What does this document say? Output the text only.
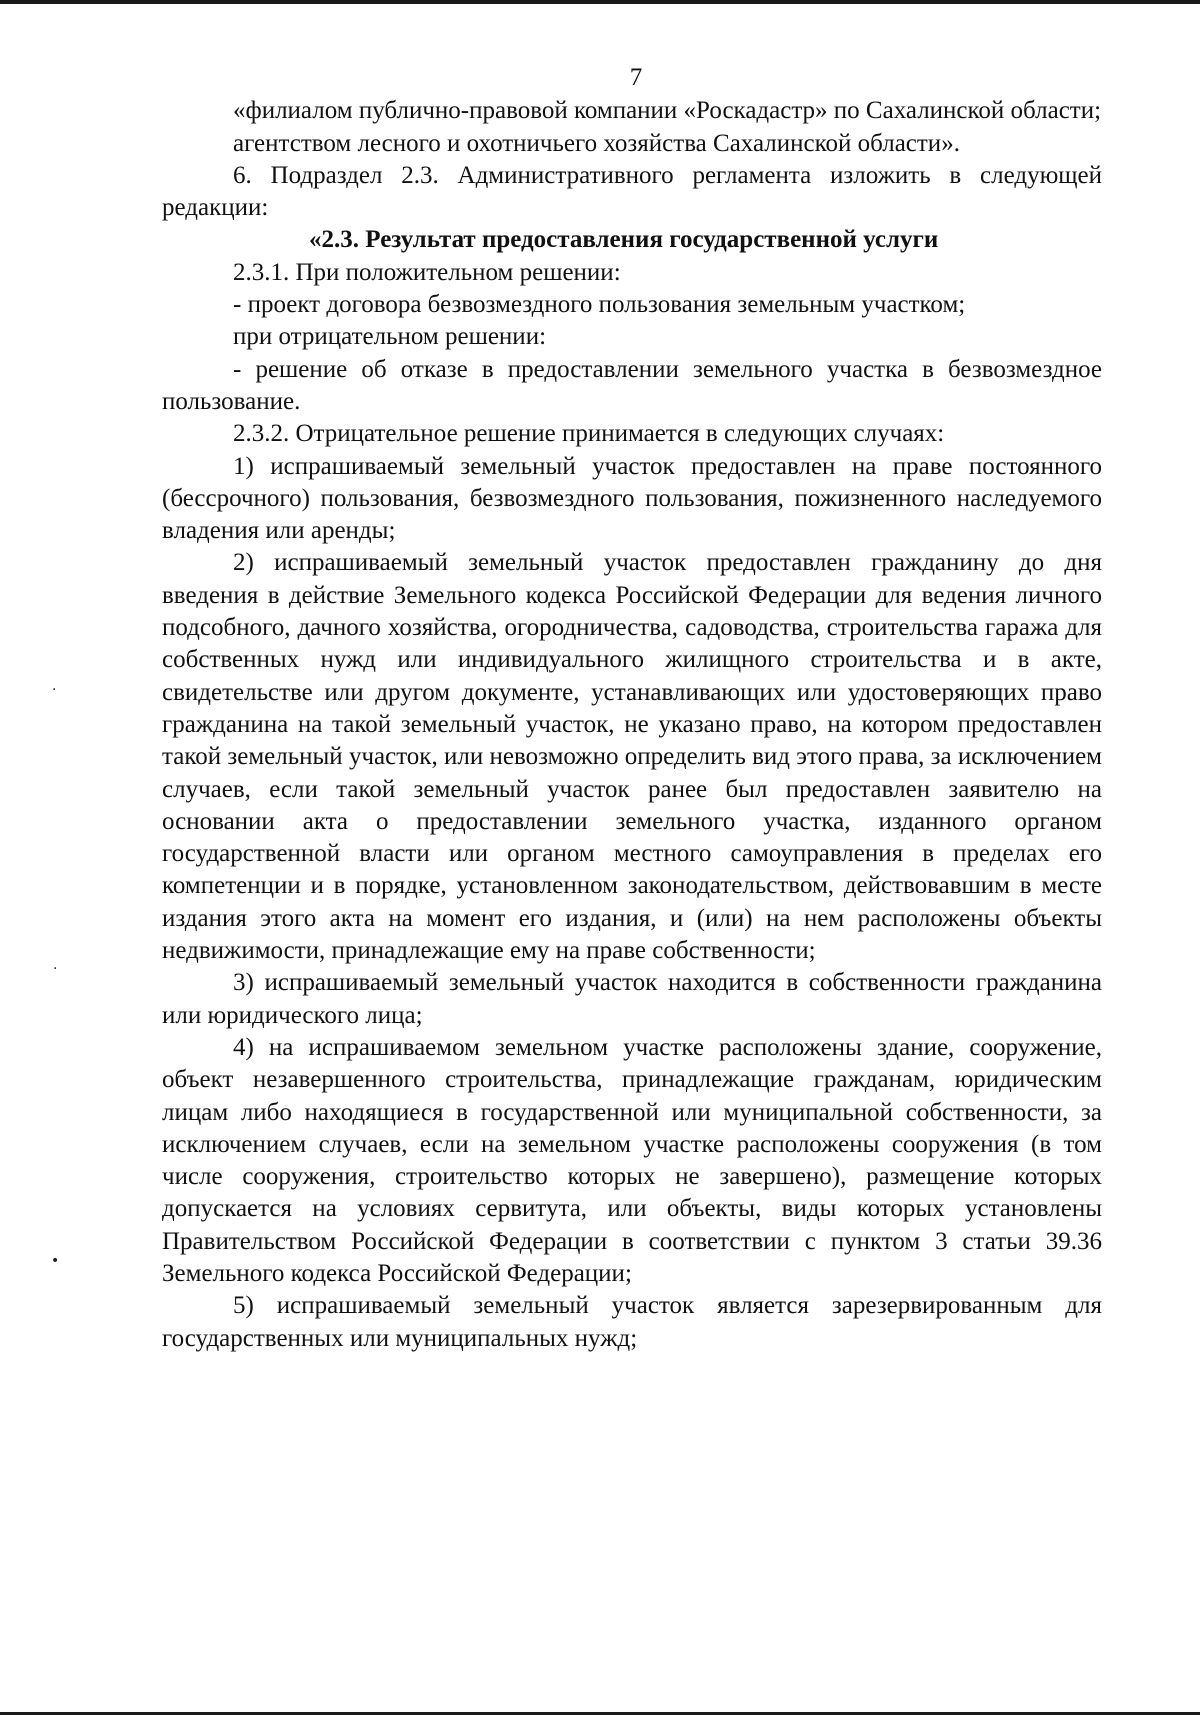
7

«филиалом публично-правовой компании «Роскадастр» по Сахалинской области;

агентством лесного и охотничьего хозяйства Сахалинской области».

6. Подраздел 2.3. Административного регламента изложить в следующей редакции:

«2.3. Результат предоставления государственной услуги

2.3.1. При положительном решении:

- проект договора безвозмездного пользования земельным участком;

при отрицательном решении:

- решение об отказе в предоставлении земельного участка в безвозмездное пользование.

2.3.2. Отрицательное решение принимается в следующих случаях:

1) испрашиваемый земельный участок предоставлен на праве постоянного (бессрочного) пользования, безвозмездного пользования, пожизненного наследуемого владения или аренды;

2) испрашиваемый земельный участок предоставлен гражданину до дня введения в действие Земельного кодекса Российской Федерации для ведения личного подсобного, дачного хозяйства, огородничества, садоводства, строительства гаража для собственных нужд или индивидуального жилищного строительства и в акте, свидетельстве или другом документе, устанавливающих или удостоверяющих право гражданина на такой земельный участок, не указано право, на котором предоставлен такой земельный участок, или невозможно определить вид этого права, за исключением случаев, если такой земельный участок ранее был предоставлен заявителю на основании акта о предоставлении земельного участка, изданного органом государственной власти или органом местного самоуправления в пределах его компетенции и в порядке, установленном законодательством, действовавшим в месте издания этого акта на момент его издания, и (или) на нем расположены объекты недвижимости, принадлежащие ему на праве собственности;

3) испрашиваемый земельный участок находится в собственности гражданина или юридического лица;

4) на испрашиваемом земельном участке расположены здание, сооружение, объект незавершенного строительства, принадлежащие гражданам, юридическим лицам либо находящиеся в государственной или муниципальной собственности, за исключением случаев, если на земельном участке расположены сооружения (в том числе сооружения, строительство которых не завершено), размещение которых допускается на условиях сервитута, или объекты, виды которых установлены Правительством Российской Федерации в соответствии с пунктом 3 статьи 39.36 Земельного кодекса Российской Федерации;

5) испрашиваемый земельный участок является зарезервированным для государственных или муниципальных нужд;

·
·
•
